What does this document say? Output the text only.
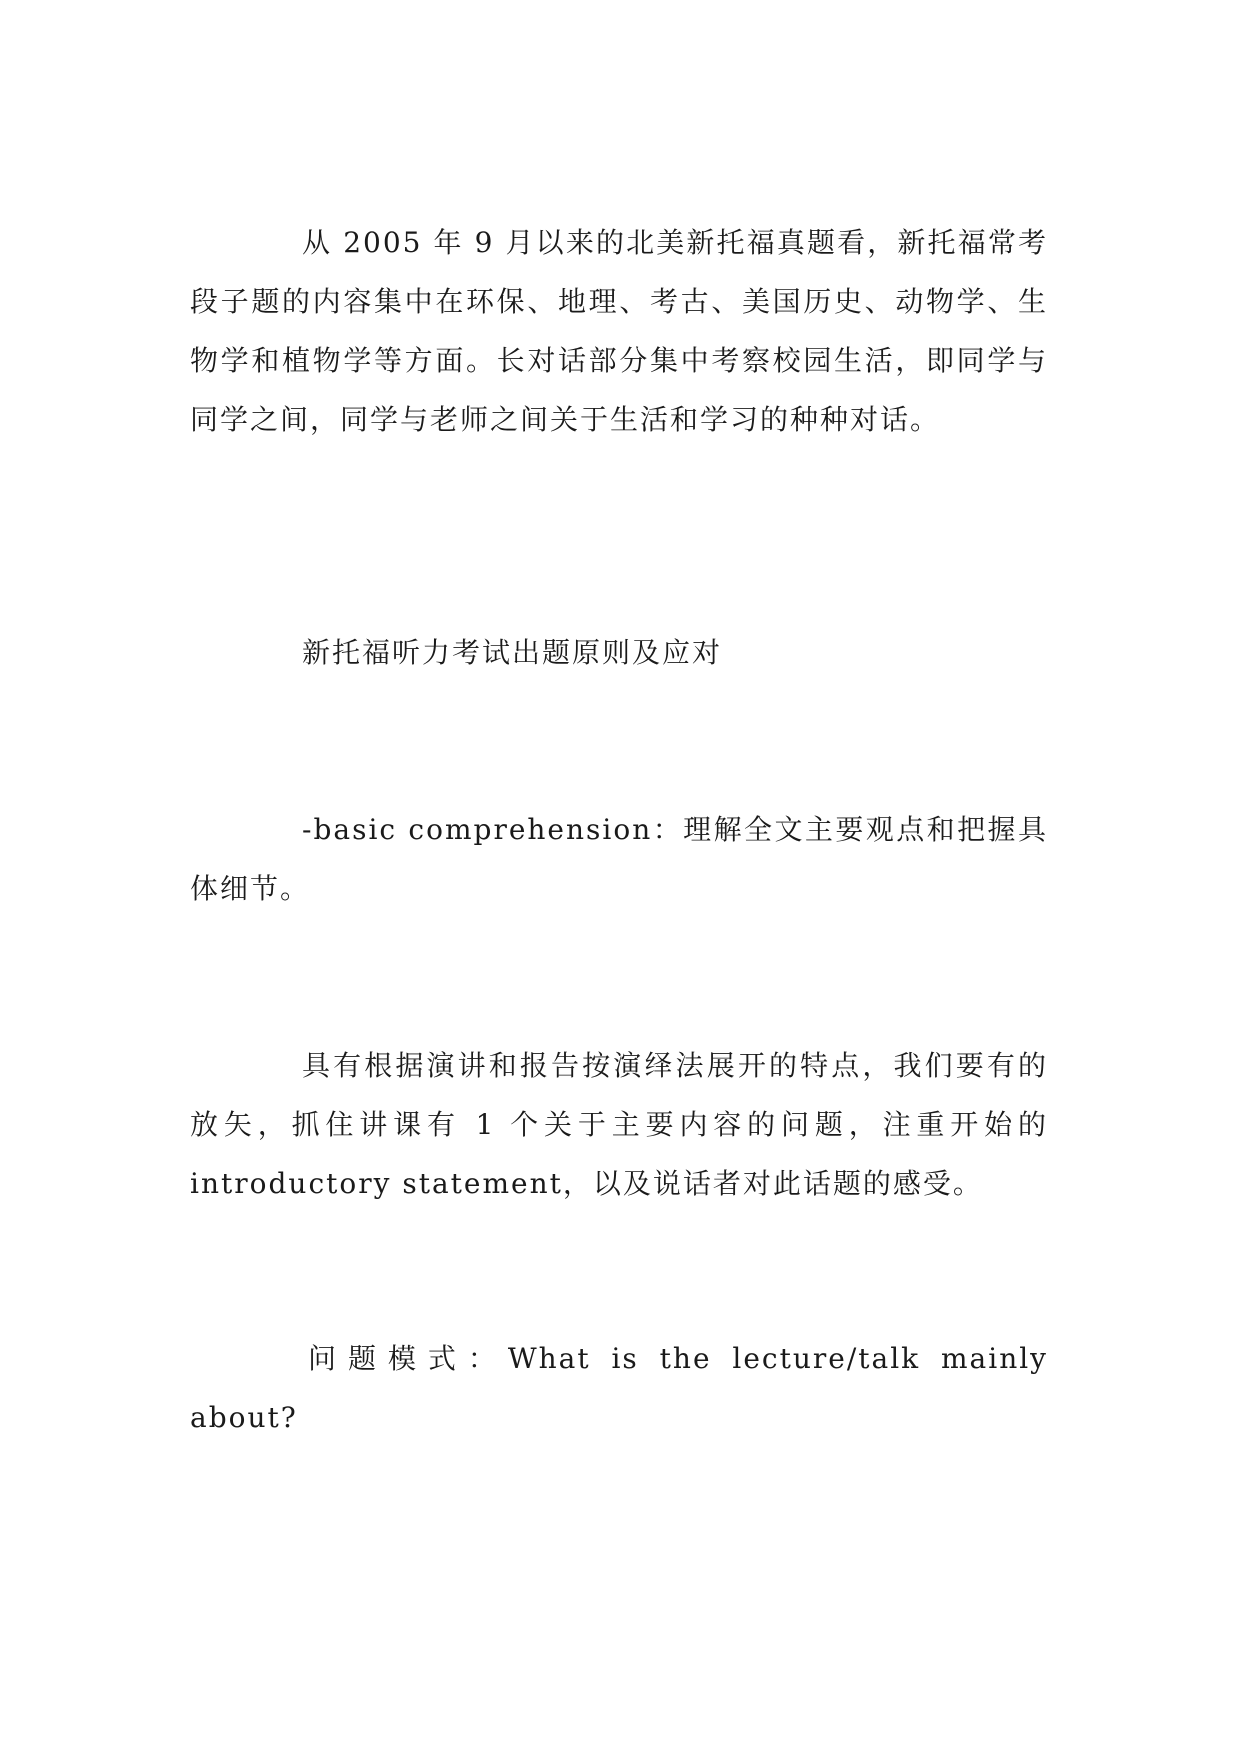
从 2005 年 9 月以来的北美新托福真题看，新托福常考段子题的内容集中在环保、地理、考古、美国历史、动物学、生物学和植物学等方面。长对话部分集中考察校园生活，即同学与同学之间，同学与老师之间关于生活和学习的种种对话。

新托福听力考试出题原则及应对

-basic comprehension：理解全文主要观点和把握具体细节。

具有根据演讲和报告按演绎法展开的特点，我们要有的放矢，抓住讲课有 1 个关于主要内容的问题，注重开始的 introductory statement，以及说话者对此话题的感受。

问题模式：What is the lecture/talk mainly about?
